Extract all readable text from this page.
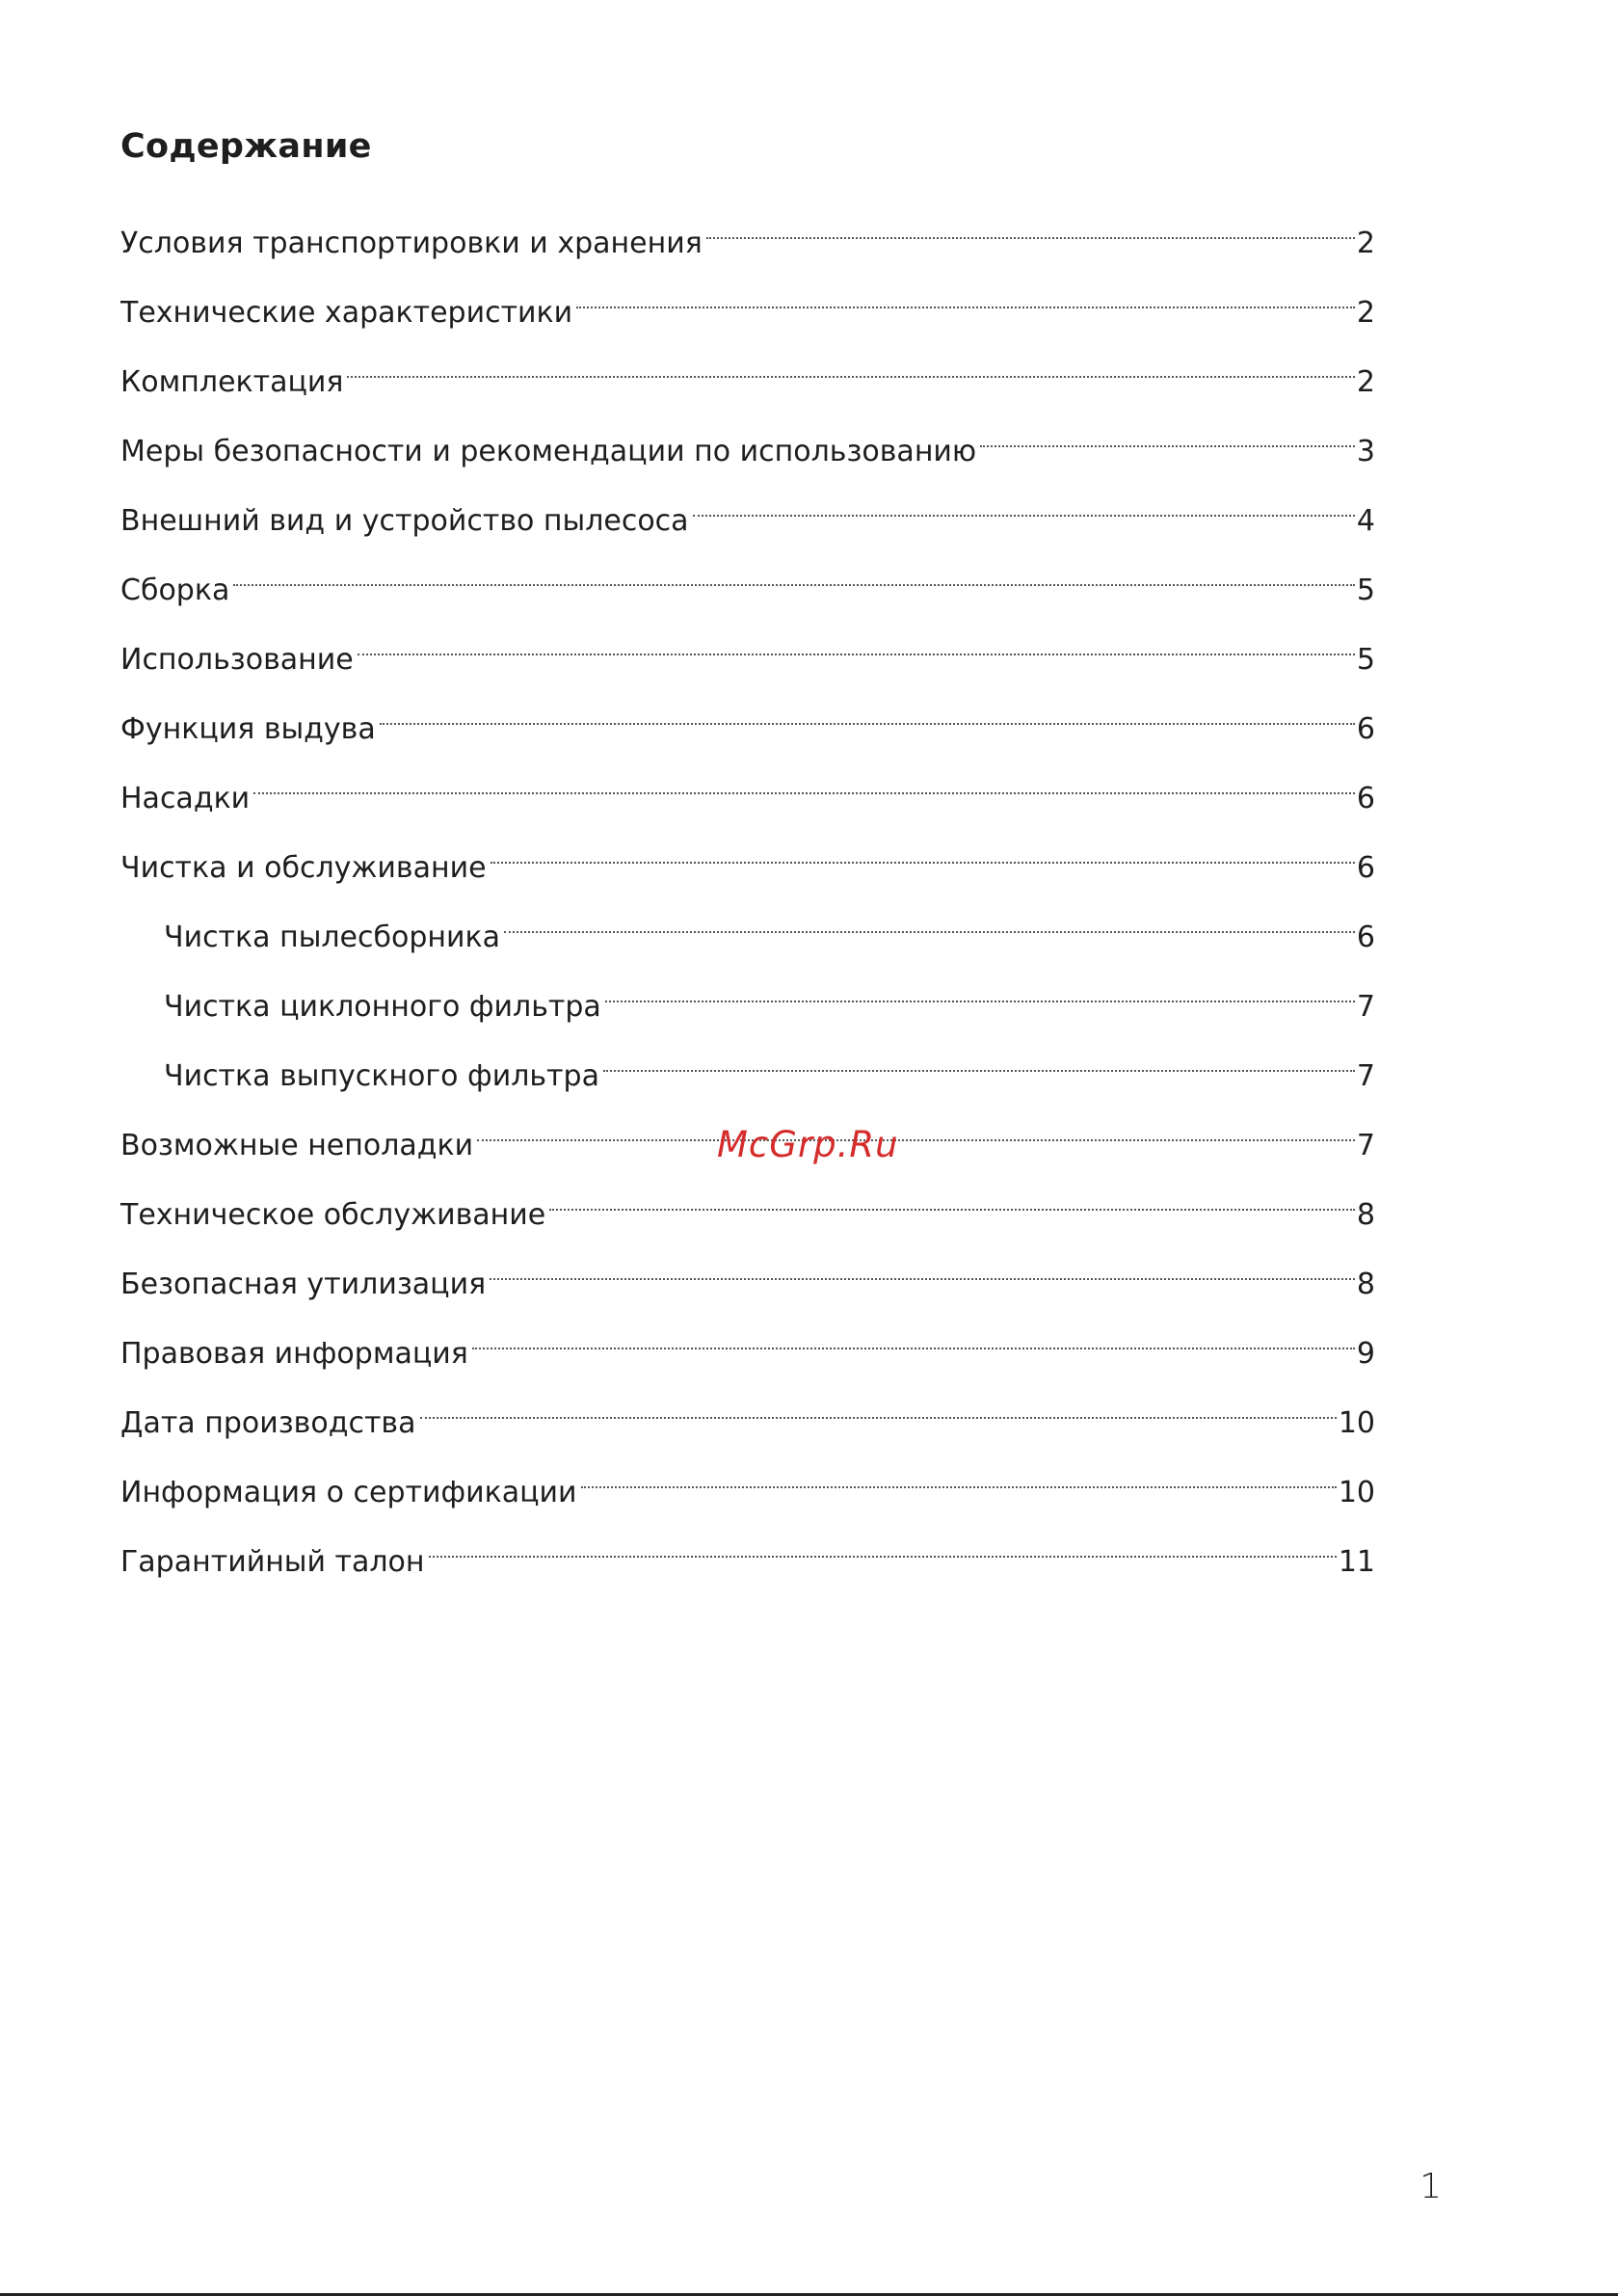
Содержание
Условия транспортировки и хранения	2
Технические характеристики	2
Комплектация	2
Меры безопасности и рекомендации по использованию	3
Внешний вид и устройство пылесоса	4
Сборка	5
Использование	5
Функция выдува	6
Насадки	6
Чистка и обслуживание	6
Чистка пылесборника	6
Чистка циклонного фильтра	7
Чистка выпускного фильтра	7
Возможные неполадки	7
Техническое обслуживание	8
Безопасная утилизация	8
Правовая информация	9
Дата производства	10
Информация о сертификации	10
Гарантийный талон	11
McGrp.Ru
1
